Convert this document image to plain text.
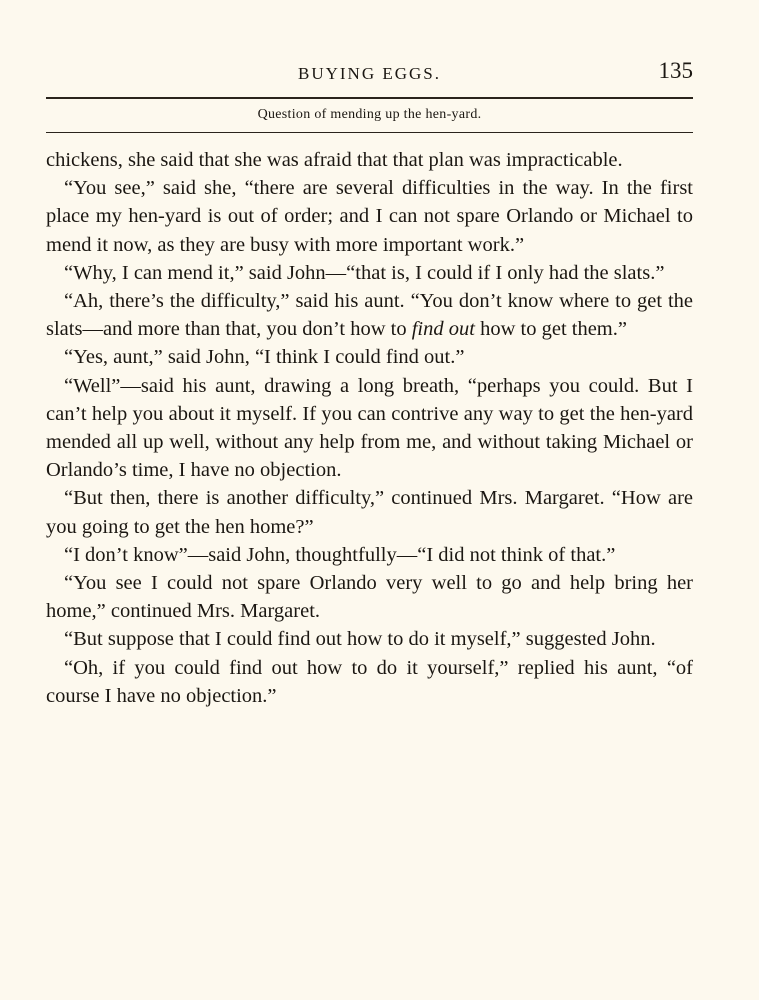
BUYING EGGS.	135
Question of mending up the hen-yard.

chickens, she said that she was afraid that that plan was impracticable.

“You see,” said she, “there are several difficulties in the way. In the first place my hen-yard is out of order; and I can not spare Orlando or Michael to mend it now, as they are busy with more important work.”

“Why, I can mend it,” said John—“that is, I could if I only had the slats.”

“Ah, there’s the difficulty,” said his aunt. “You don’t know where to get the slats—and more than that, you don’t how to find out how to get them.”

“Yes, aunt,” said John, “I think I could find out.”

“Well”—said his aunt, drawing a long breath, “perhaps you could. But I can’t help you about it myself. If you can contrive any way to get the hen-yard mended all up well, without any help from me, and without taking Michael or Orlando’s time, I have no objection.

“But then, there is another difficulty,” continued Mrs. Margaret. “How are you going to get the hen home?”

“I don’t know”—said John, thoughtfully—“I did not think of that.”

“You see I could not spare Orlando very well to go and help bring her home,” continued Mrs. Margaret.

“But suppose that I could find out how to do it myself,” suggested John.

“Oh, if you could find out how to do it yourself,” replied his aunt, “of course I have no objection.”
